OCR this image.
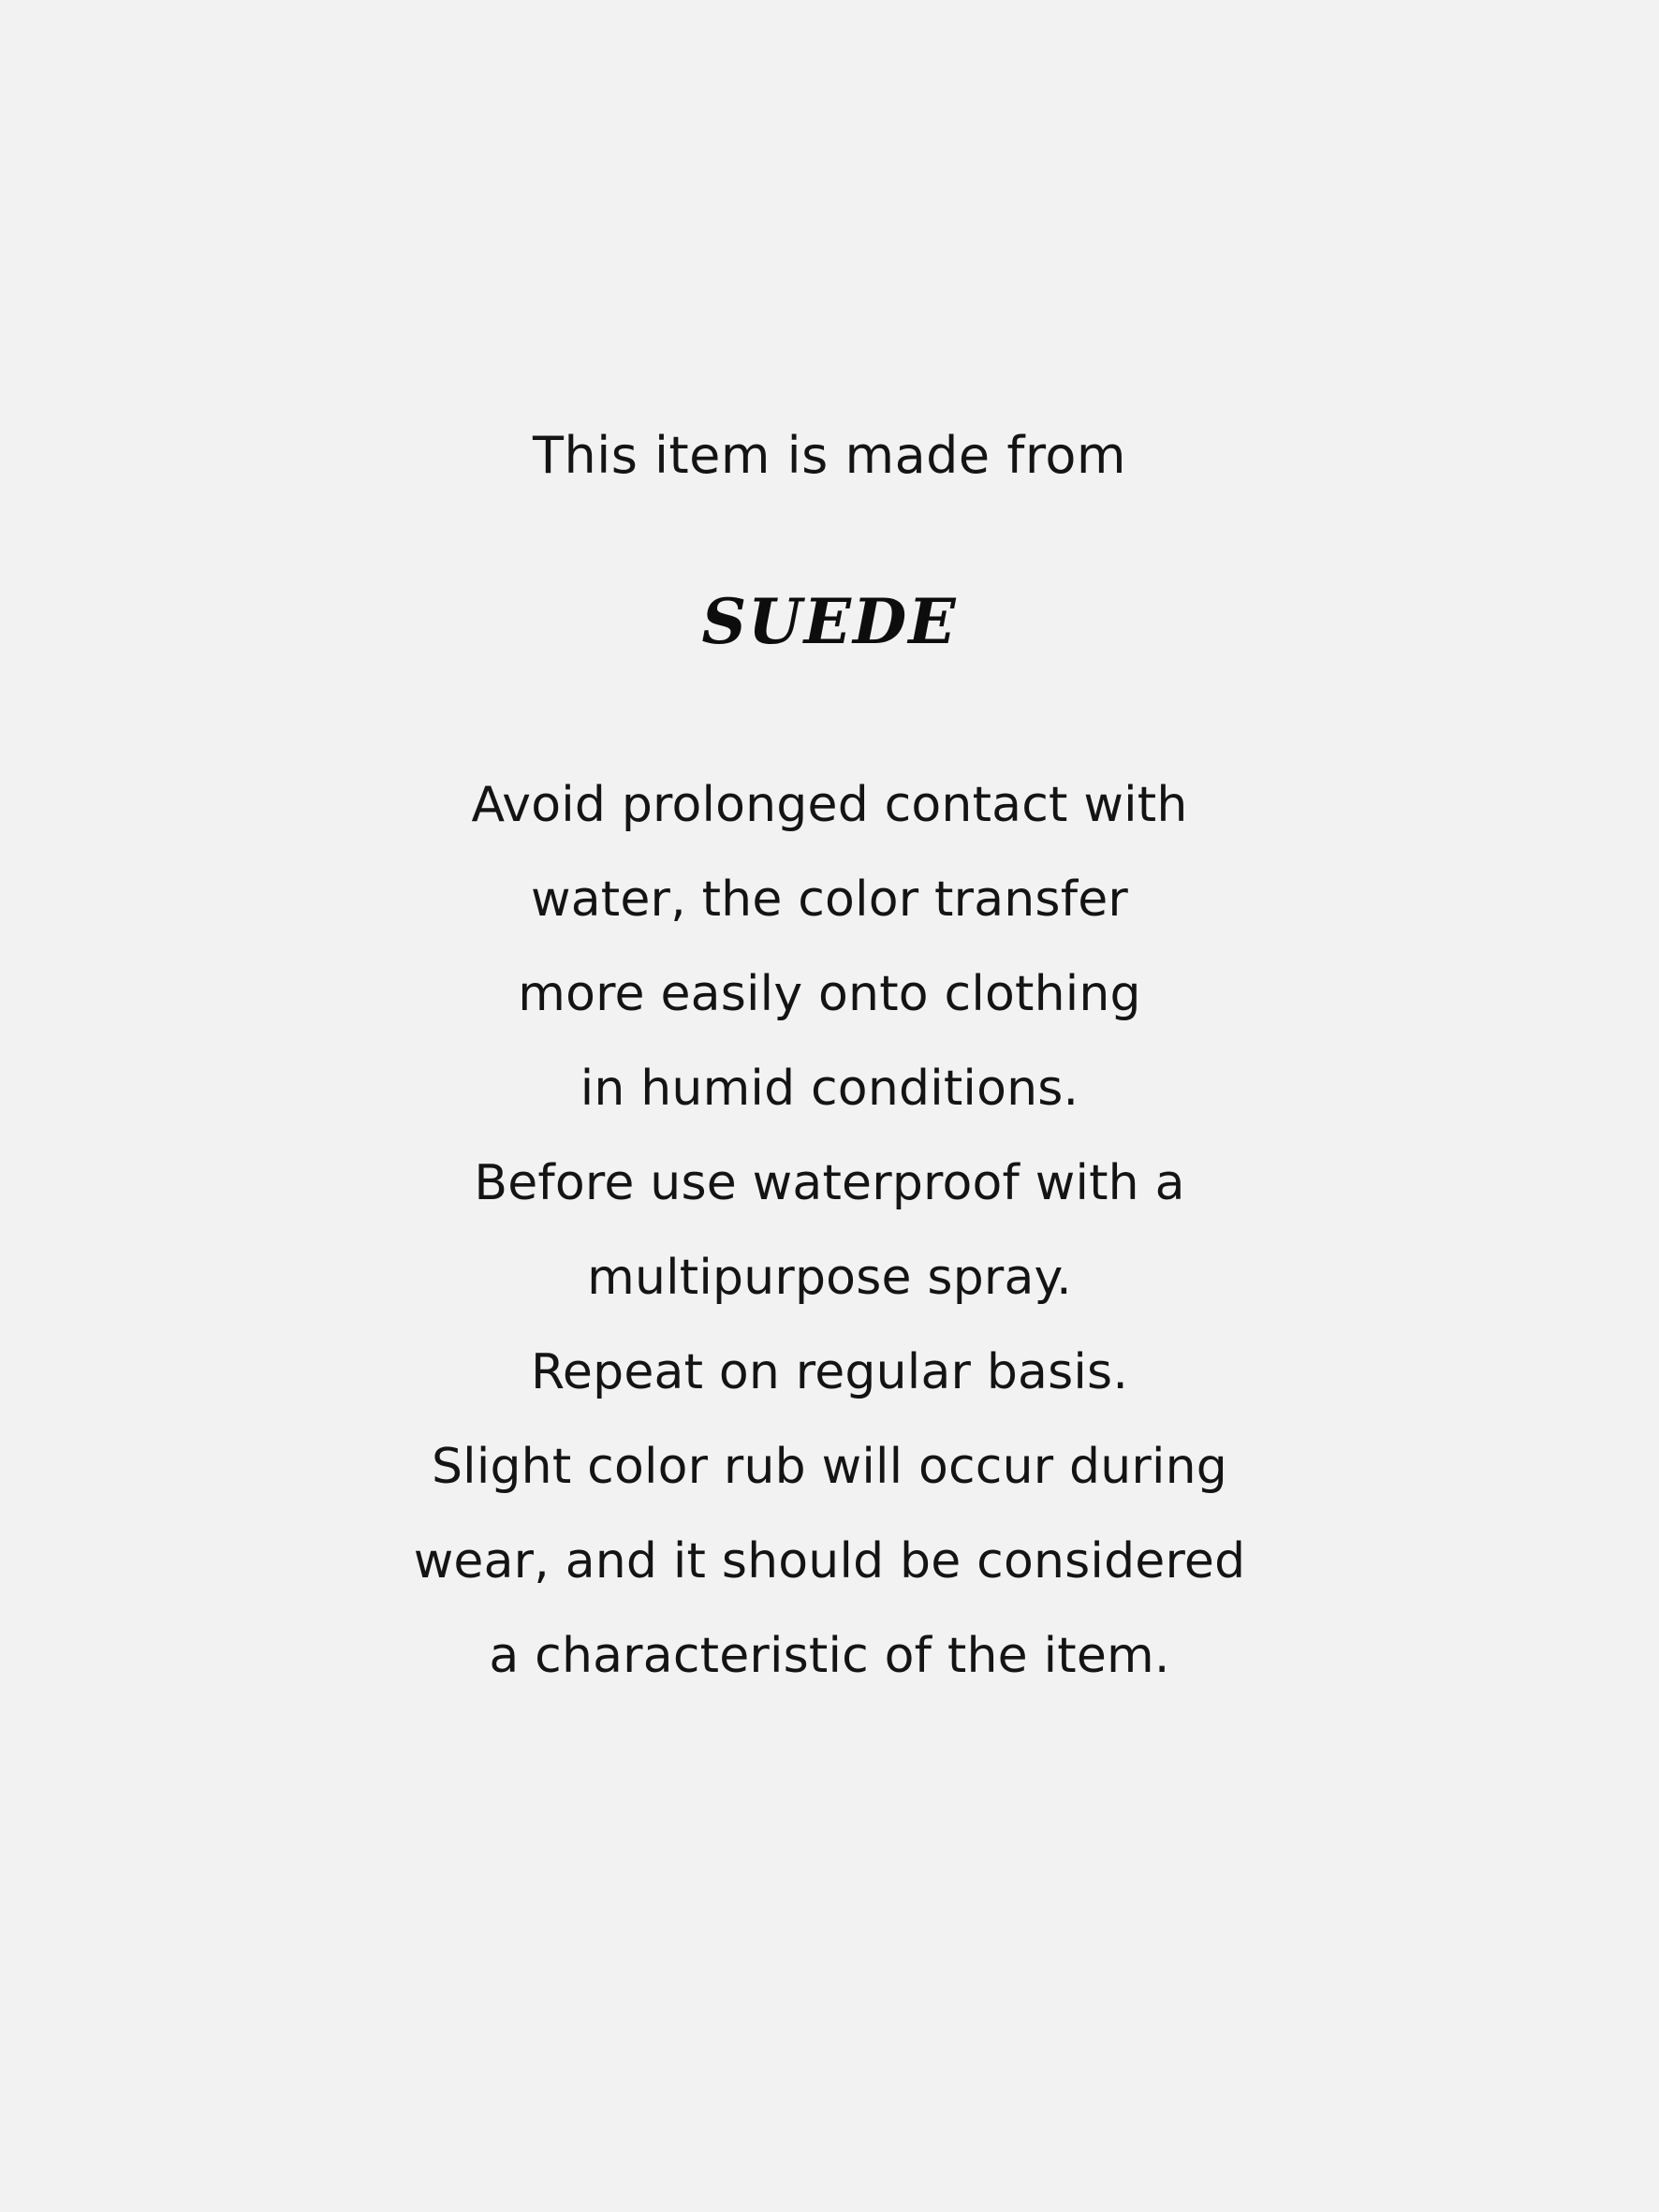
This item is made from
SUEDE
Avoid prolonged contact with
water, the color transfer
more easily onto clothing
in humid conditions.
Before use waterproof with a
multipurpose spray.
Repeat on regular basis.
Slight color rub will occur during
wear, and it should be considered
a characteristic of the item.
